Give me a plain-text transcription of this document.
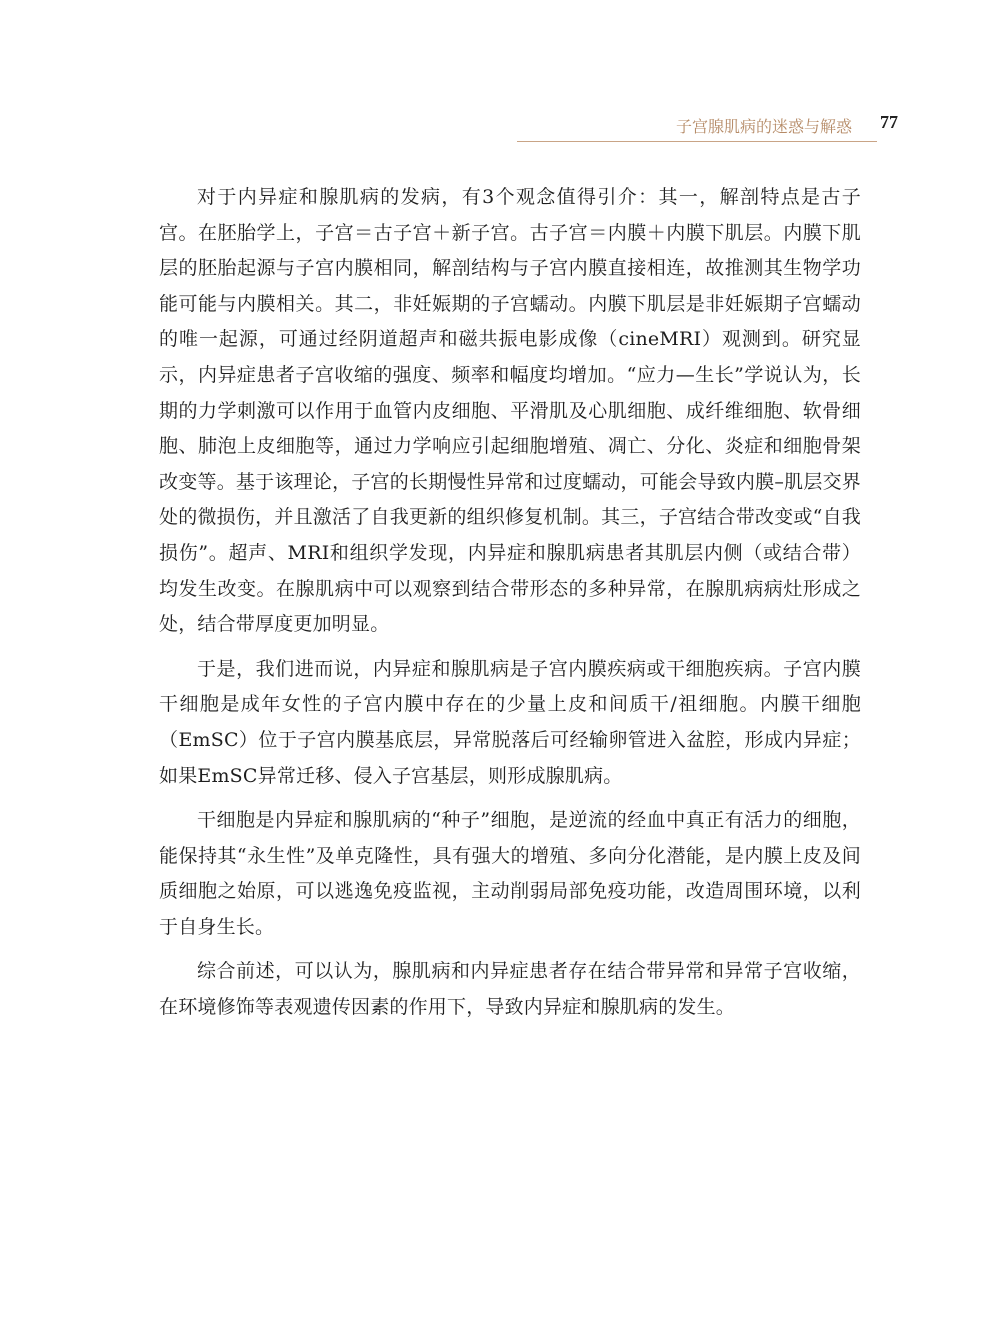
子宫腺肌病的迷惑与解惑 77

对于内异症和腺肌病的发病，有3个观念值得引介：其一，解剖特点是古子宫。在胚胎学上，子宫＝古子宫＋新子宫。古子宫＝内膜＋内膜下肌层。内膜下肌层的胚胎起源与子宫内膜相同，解剖结构与子宫内膜直接相连，故推测其生物学功能可能与内膜相关。其二，非妊娠期的子宫蠕动。内膜下肌层是非妊娠期子宫蠕动的唯一起源，可通过经阴道超声和磁共振电影成像（cineMRI）观测到。研究显示，内异症患者子宫收缩的强度、频率和幅度均增加。“应力—生长”学说认为，长期的力学刺激可以作用于血管内皮细胞、平滑肌及心肌细胞、成纤维细胞、软骨细胞、肺泡上皮细胞等，通过力学响应引起细胞增殖、凋亡、分化、炎症和细胞骨架改变等。基于该理论，子宫的长期慢性异常和过度蠕动，可能会导致内膜–肌层交界处的微损伤，并且激活了自我更新的组织修复机制。其三，子宫结合带改变或“自我损伤”。超声、MRI和组织学发现，内异症和腺肌病患者其肌层内侧（或结合带）均发生改变。在腺肌病中可以观察到结合带形态的多种异常，在腺肌病病灶形成之处，结合带厚度更加明显。

于是，我们进而说，内异症和腺肌病是子宫内膜疾病或干细胞疾病。子宫内膜干细胞是成年女性的子宫内膜中存在的少量上皮和间质干/祖细胞。内膜干细胞（EmSC）位于子宫内膜基底层，异常脱落后可经输卵管进入盆腔，形成内异症；如果EmSC异常迁移、侵入子宫基层，则形成腺肌病。

干细胞是内异症和腺肌病的“种子”细胞，是逆流的经血中真正有活力的细胞，能保持其“永生性”及单克隆性，具有强大的增殖、多向分化潜能，是内膜上皮及间质细胞之始原，可以逃逸免疫监视，主动削弱局部免疫功能，改造周围环境，以利于自身生长。

综合前述，可以认为，腺肌病和内异症患者存在结合带异常和异常子宫收缩，在环境修饰等表观遗传因素的作用下，导致内异症和腺肌病的发生。
